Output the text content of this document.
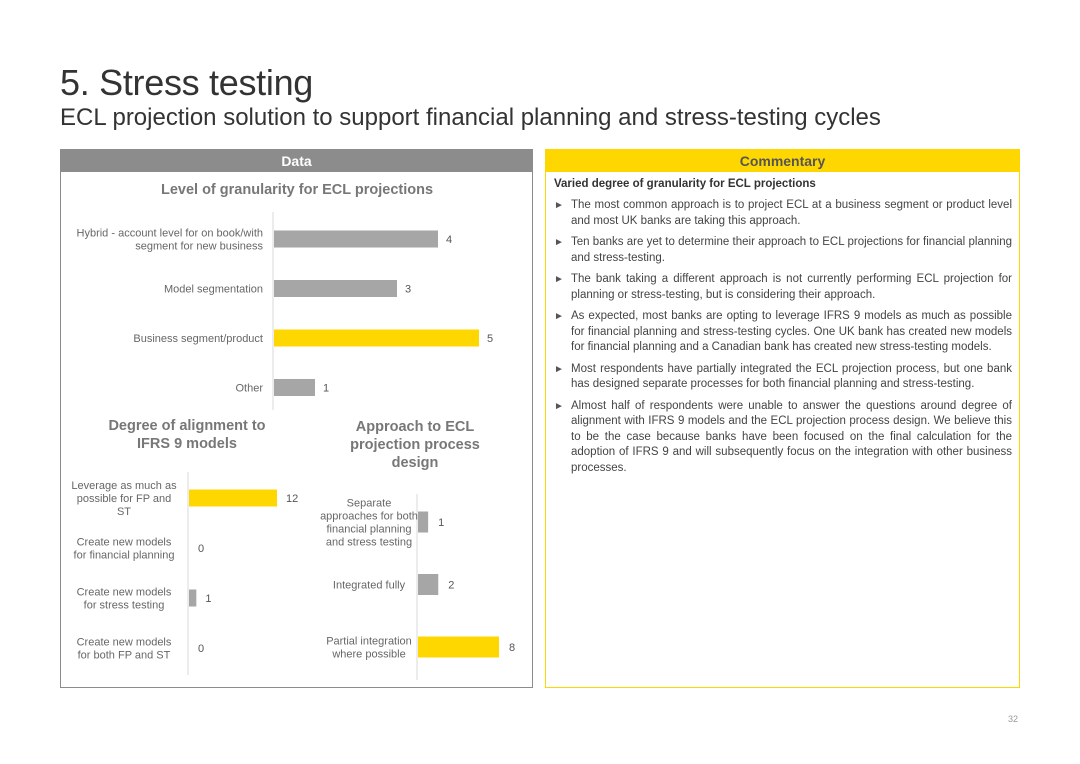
5. Stress testing
ECL projection solution to support financial planning and stress-testing cycles
Data
Level of granularity for ECL projections
4
Hybrid - account level for on book/with segment for new business
3
Model segmentation
5
Business segment/product
1
Other
Degree of alignment to IFRS 9 models
12
Leverage as much as possible for FP and ST
0
Create new models for financial planning
1
Create new models for stress testing
0
Create new models for both FP and ST
Approach to ECL projection process design
1
Separate approaches for both financial planning and stress testing
2
Integrated fully
8
Partial integration where possible
Commentary
Varied degree of granularity for ECL projections
► The most common approach is to project ECL at a business segment or product level and most UK banks are taking this approach.
► Ten banks are yet to determine their approach to ECL projections for financial planning and stress-testing.
► The bank taking a different approach is not currently performing ECL projection for planning or stress-testing, but is considering their approach.
► As expected, most banks are opting to leverage IFRS 9 models as much as possible for financial planning and stress-testing cycles. One UK bank has created new models for financial planning and a Canadian bank has created new stress-testing models.
► Most respondents have partially integrated the ECL projection process, but one bank has designed separate processes for both financial planning and stress-testing.
► Almost half of respondents were unable to answer the questions around degree of alignment with IFRS 9 models and the ECL projection process design. We believe this to be the case because banks have been focused on the final calculation for the adoption of IFRS 9 and will subsequently focus on the integration with other business processes.
32
